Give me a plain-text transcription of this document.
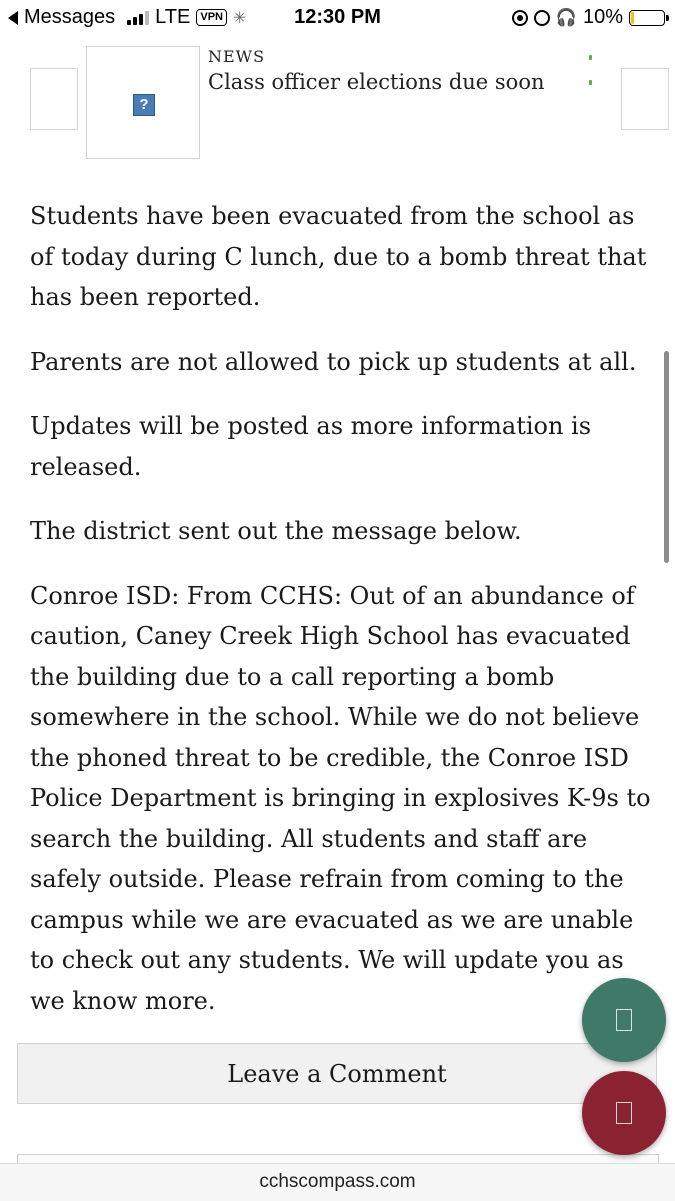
Messages LTE VPN ✳	12:30 PM	🎧 10%
?
NEWS
Class officer elections due soon

Students have been evacuated from the school as of today during C lunch, due to a bomb threat that has been reported.

Parents are not allowed to pick up students at all.

Updates will be posted as more information is released.

The district sent out the message below.

Conroe ISD: From CCHS: Out of an abundance of caution, Caney Creek High School has evacuated the building due to a call reporting a bomb somewhere in the school. While we do not believe the phoned threat to be credible, the Conroe ISD Police Department is bringing in explosives K-9s to search the building. All students and staff are safely outside. Please refrain from coming to the campus while we are evacuated as we are unable to check out any students. We will update you as we know more.

Leave a Comment
cchscompass.com
